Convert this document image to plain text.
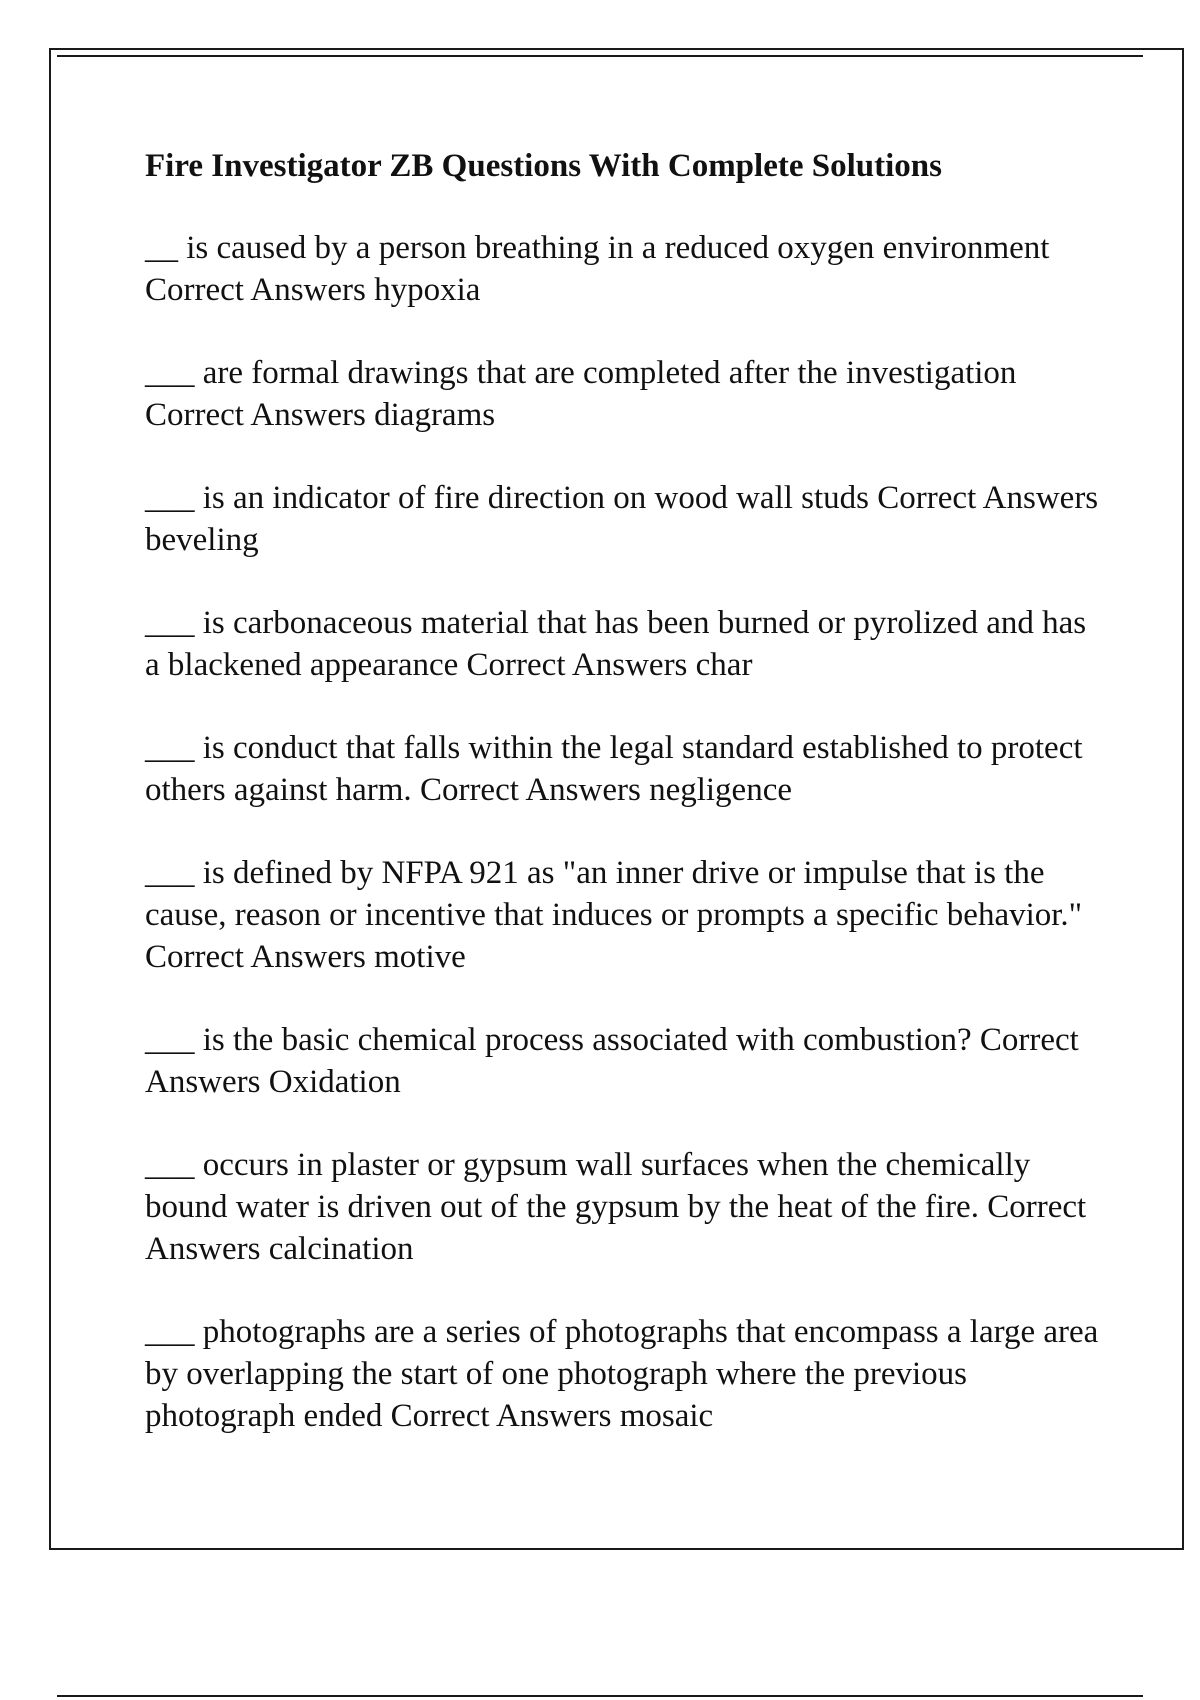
Fire Investigator ZB Questions With Complete Solutions
__ is caused by a person breathing in a reduced oxygen environment Correct Answers hypoxia
___ are formal drawings that are completed after the investigation Correct Answers diagrams
___ is an indicator of fire direction on wood wall studs Correct Answers beveling
___ is carbonaceous material that has been burned or pyrolized and has a blackened appearance Correct Answers char
___ is conduct that falls within the legal standard established to protect others against harm. Correct Answers negligence
___ is defined by NFPA 921 as "an inner drive or impulse that is the cause, reason or incentive that induces or prompts a specific behavior." Correct Answers motive
___ is the basic chemical process associated with combustion? Correct Answers Oxidation
___ occurs in plaster or gypsum wall surfaces when the chemically bound water is driven out of the gypsum by the heat of the fire. Correct Answers calcination
___ photographs are a series of photographs that encompass a large area by overlapping the start of one photograph where the previous photograph ended Correct Answers mosaic
